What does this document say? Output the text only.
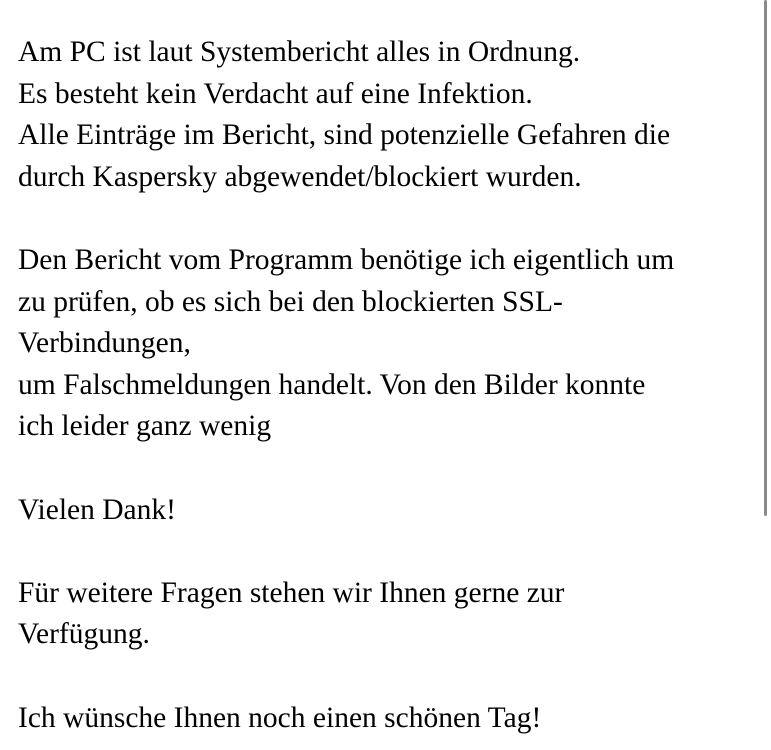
Am PC ist laut Systembericht alles in Ordnung.
Es besteht kein Verdacht auf eine Infektion.
Alle Einträge im Bericht, sind potenzielle Gefahren die
durch Kaspersky abgewendet/blockiert wurden.
Den Bericht vom Programm benötige ich eigentlich um
zu prüfen, ob es sich bei den blockierten SSL-
Verbindungen,
um Falschmeldungen handelt. Von den Bilder konnte
ich leider ganz wenig
Vielen Dank!
Für weitere Fragen stehen wir Ihnen gerne zur
Verfügung.
Ich wünsche Ihnen noch einen schönen Tag!
